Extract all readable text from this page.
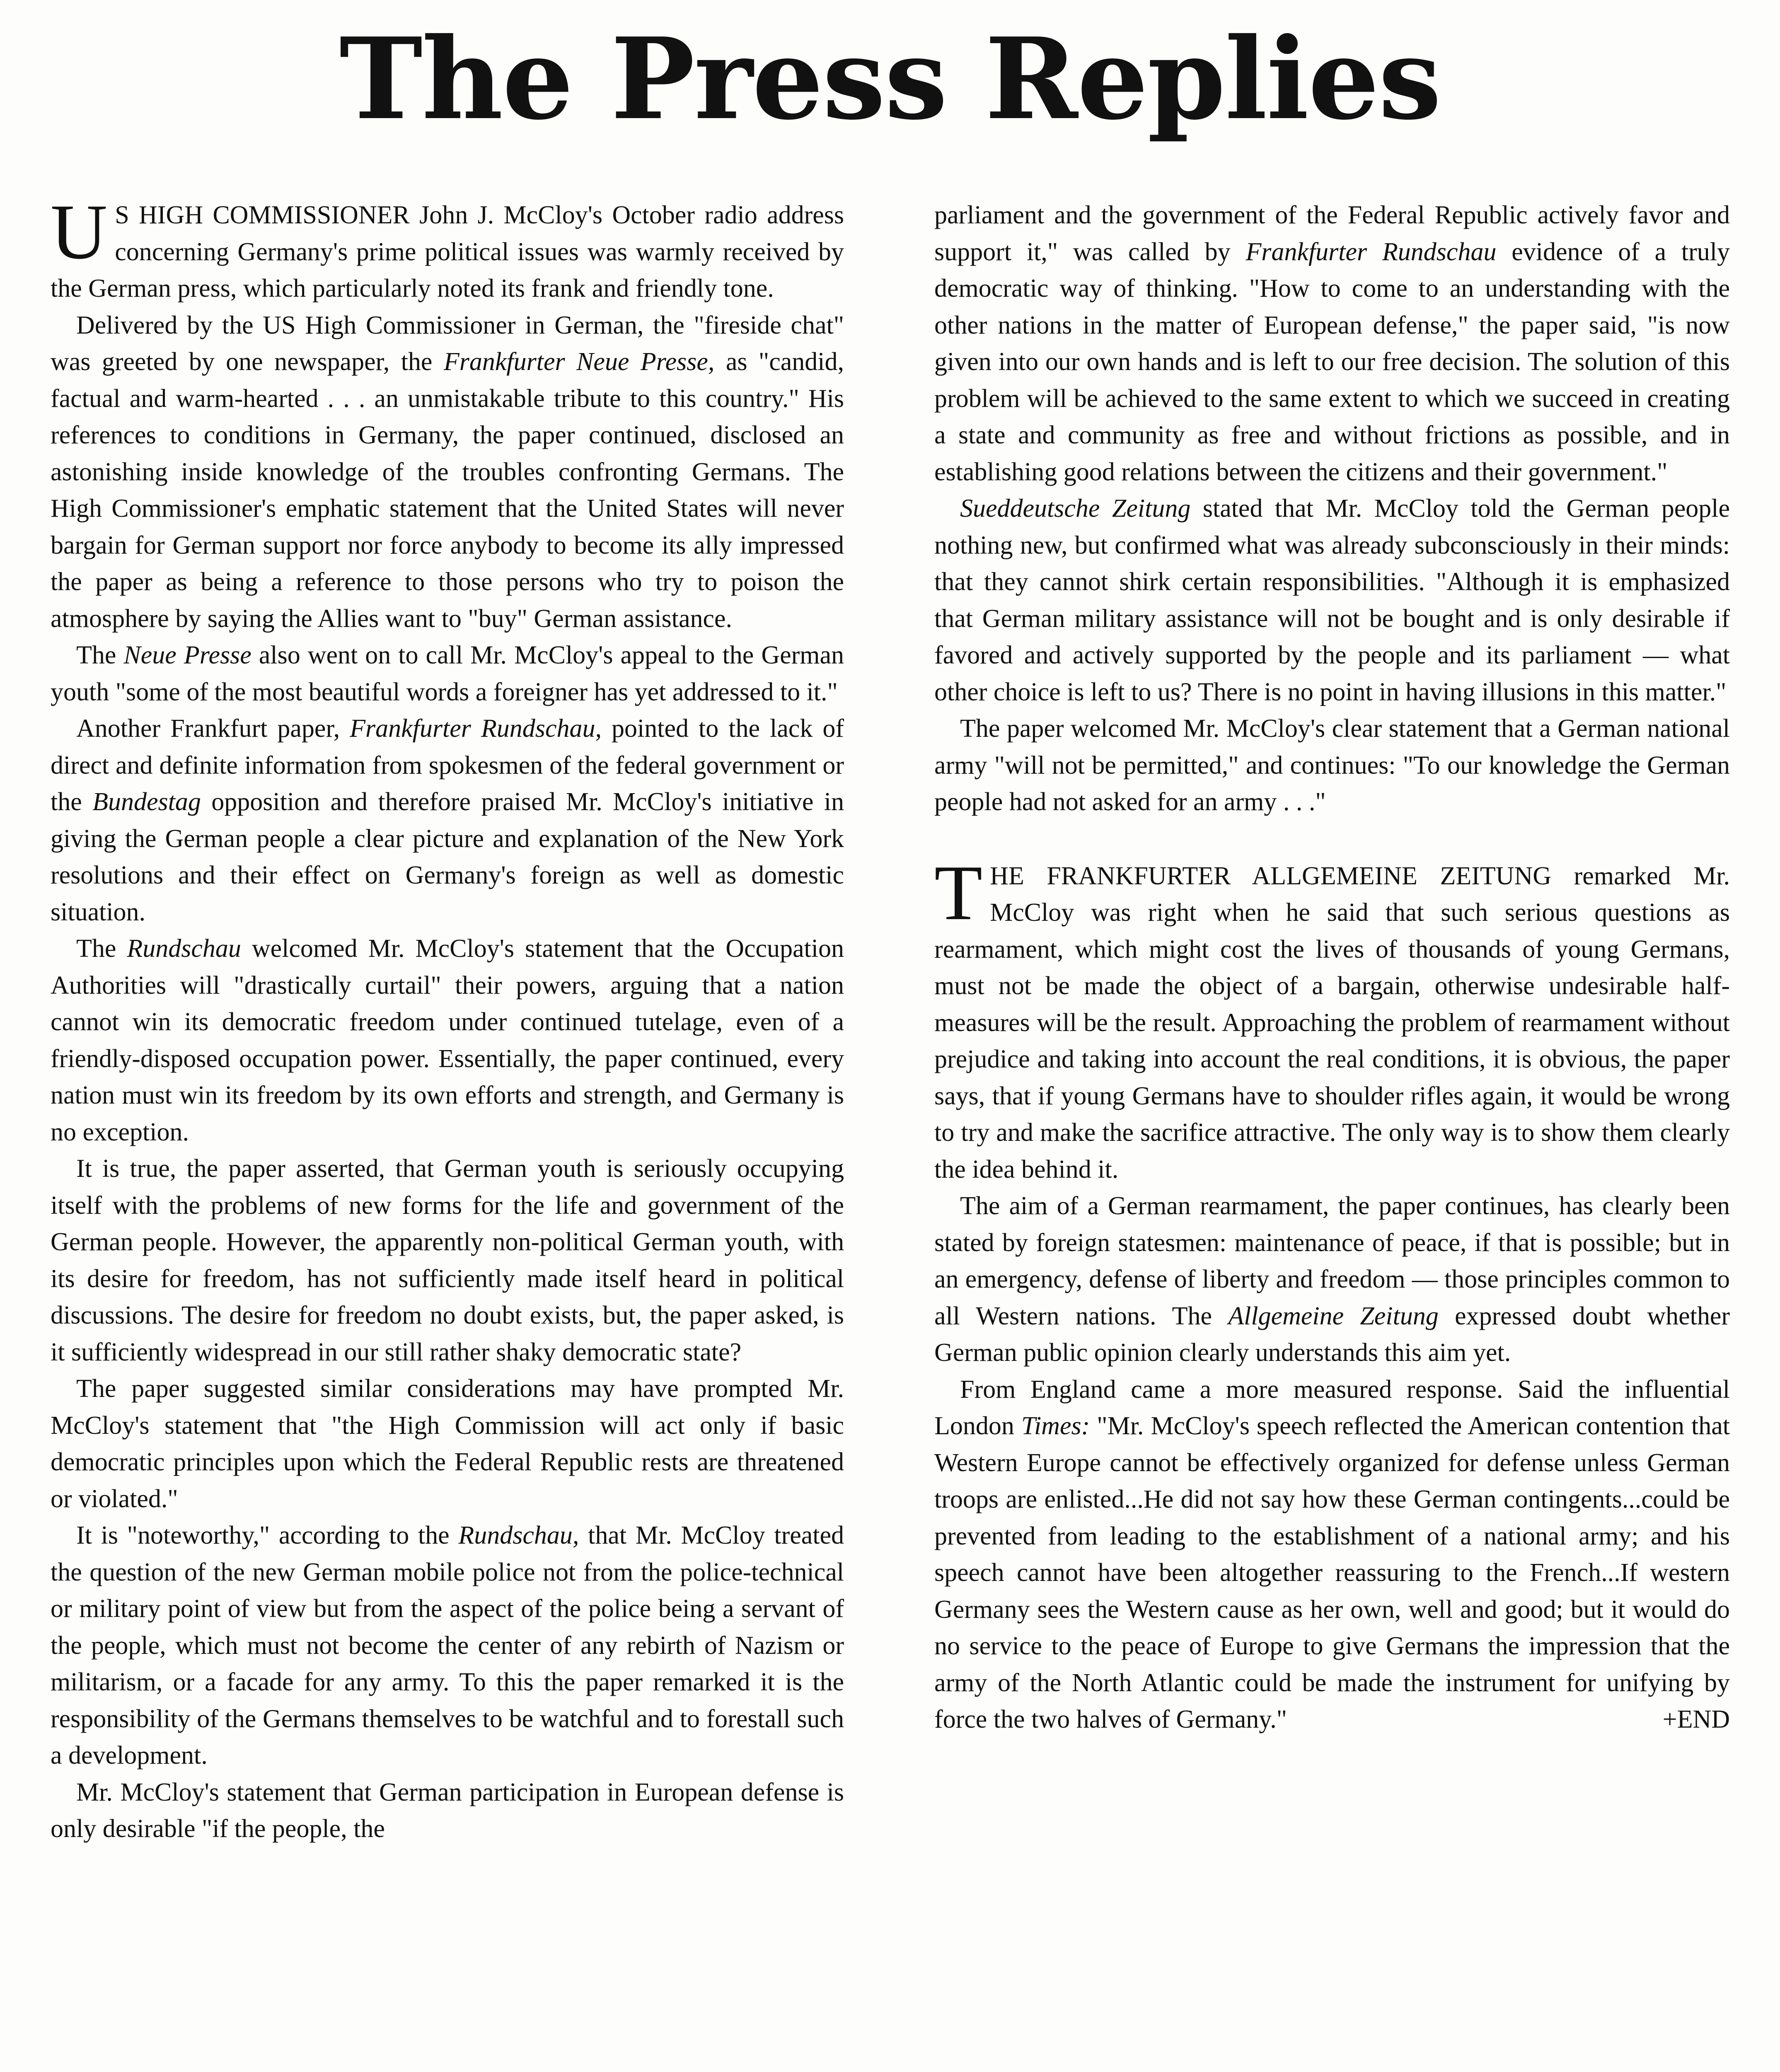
The Press Replies

U S HIGH COMMISSIONER John J. McCloy's October radio address concerning Germany's prime political issues was warmly received by the German press, which particularly noted its frank and friendly tone.

Delivered by the US High Commissioner in German, the "fireside chat" was greeted by one newspaper, the Frankfurter Neue Presse, as "candid, factual and warm-hearted . . . an unmistakable tribute to this country." His references to conditions in Germany, the paper continued, disclosed an astonishing inside knowledge of the troubles confronting Germans. The High Commissioner's emphatic statement that the United States will never bargain for German support nor force anybody to become its ally impressed the paper as being a reference to those persons who try to poison the atmosphere by saying the Allies want to "buy" German assistance.

The Neue Presse also went on to call Mr. McCloy's appeal to the German youth "some of the most beautiful words a foreigner has yet addressed to it."

Another Frankfurt paper, Frankfurter Rundschau, pointed to the lack of direct and definite information from spokesmen of the federal government or the Bundestag opposition and therefore praised Mr. McCloy's initiative in giving the German people a clear picture and explanation of the New York resolutions and their effect on Germany's foreign as well as domestic situation.

The Rundschau welcomed Mr. McCloy's statement that the Occupation Authorities will "drastically curtail" their powers, arguing that a nation cannot win its democratic freedom under continued tutelage, even of a friendly-disposed occupation power. Essentially, the paper continued, every nation must win its freedom by its own efforts and strength, and Germany is no exception.

It is true, the paper asserted, that German youth is seriously occupying itself with the problems of new forms for the life and government of the German people. However, the apparently non-political German youth, with its desire for freedom, has not sufficiently made itself heard in political discussions. The desire for freedom no doubt exists, but, the paper asked, is it sufficiently widespread in our still rather shaky democratic state?

The paper suggested similar considerations may have prompted Mr. McCloy's statement that "the High Commission will act only if basic democratic principles upon which the Federal Republic rests are threatened or violated."

It is "noteworthy," according to the Rundschau, that Mr. McCloy treated the question of the new German mobile police not from the police-technical or military point of view but from the aspect of the police being a servant of the people, which must not become the center of any rebirth of Nazism or militarism, or a facade for any army. To this the paper remarked it is the responsibility of the Germans themselves to be watchful and to forestall such a development.

Mr. McCloy's statement that German participation in European defense is only desirable "if the people, the

parliament and the government of the Federal Republic actively favor and support it," was called by Frankfurter Rundschau evidence of a truly democratic way of thinking. "How to come to an understanding with the other nations in the matter of European defense," the paper said, "is now given into our own hands and is left to our free decision. The solution of this problem will be achieved to the same extent to which we succeed in creating a state and community as free and without frictions as possible, and in establishing good relations between the citizens and their government."

Sueddeutsche Zeitung stated that Mr. McCloy told the German people nothing new, but confirmed what was already subconsciously in their minds: that they cannot shirk certain responsibilities. "Although it is emphasized that German military assistance will not be bought and is only desirable if favored and actively supported by the people and its parliament — what other choice is left to us? There is no point in having illusions in this matter."

The paper welcomed Mr. McCloy's clear statement that a German national army "will not be permitted," and continues: "To our knowledge the German people had not asked for an army . . ."

THE FRANKFURTER ALLGEMEINE ZEITUNG remarked Mr. McCloy was right when he said that such serious questions as rearmament, which might cost the lives of thousands of young Germans, must not be made the object of a bargain, otherwise undesirable half-measures will be the result. Approaching the problem of rearmament without prejudice and taking into account the real conditions, it is obvious, the paper says, that if young Germans have to shoulder rifles again, it would be wrong to try and make the sacrifice attractive. The only way is to show them clearly the idea behind it.

The aim of a German rearmament, the paper continues, has clearly been stated by foreign statesmen: maintenance of peace, if that is possible; but in an emergency, defense of liberty and freedom — those principles common to all Western nations. The Allgemeine Zeitung expressed doubt whether German public opinion clearly understands this aim yet.

From England came a more measured response. Said the influential London Times: "Mr. McCloy's speech reflected the American contention that Western Europe cannot be effectively organized for defense unless German troops are enlisted...He did not say how these German contingents...could be prevented from leading to the establishment of a national army; and his speech cannot have been altogether reassuring to the French...If western Germany sees the Western cause as her own, well and good; but it would do no service to the peace of Europe to give Germans the impression that the army of the North Atlantic could be made the instrument for unifying by force the two halves of Germany."	+END
